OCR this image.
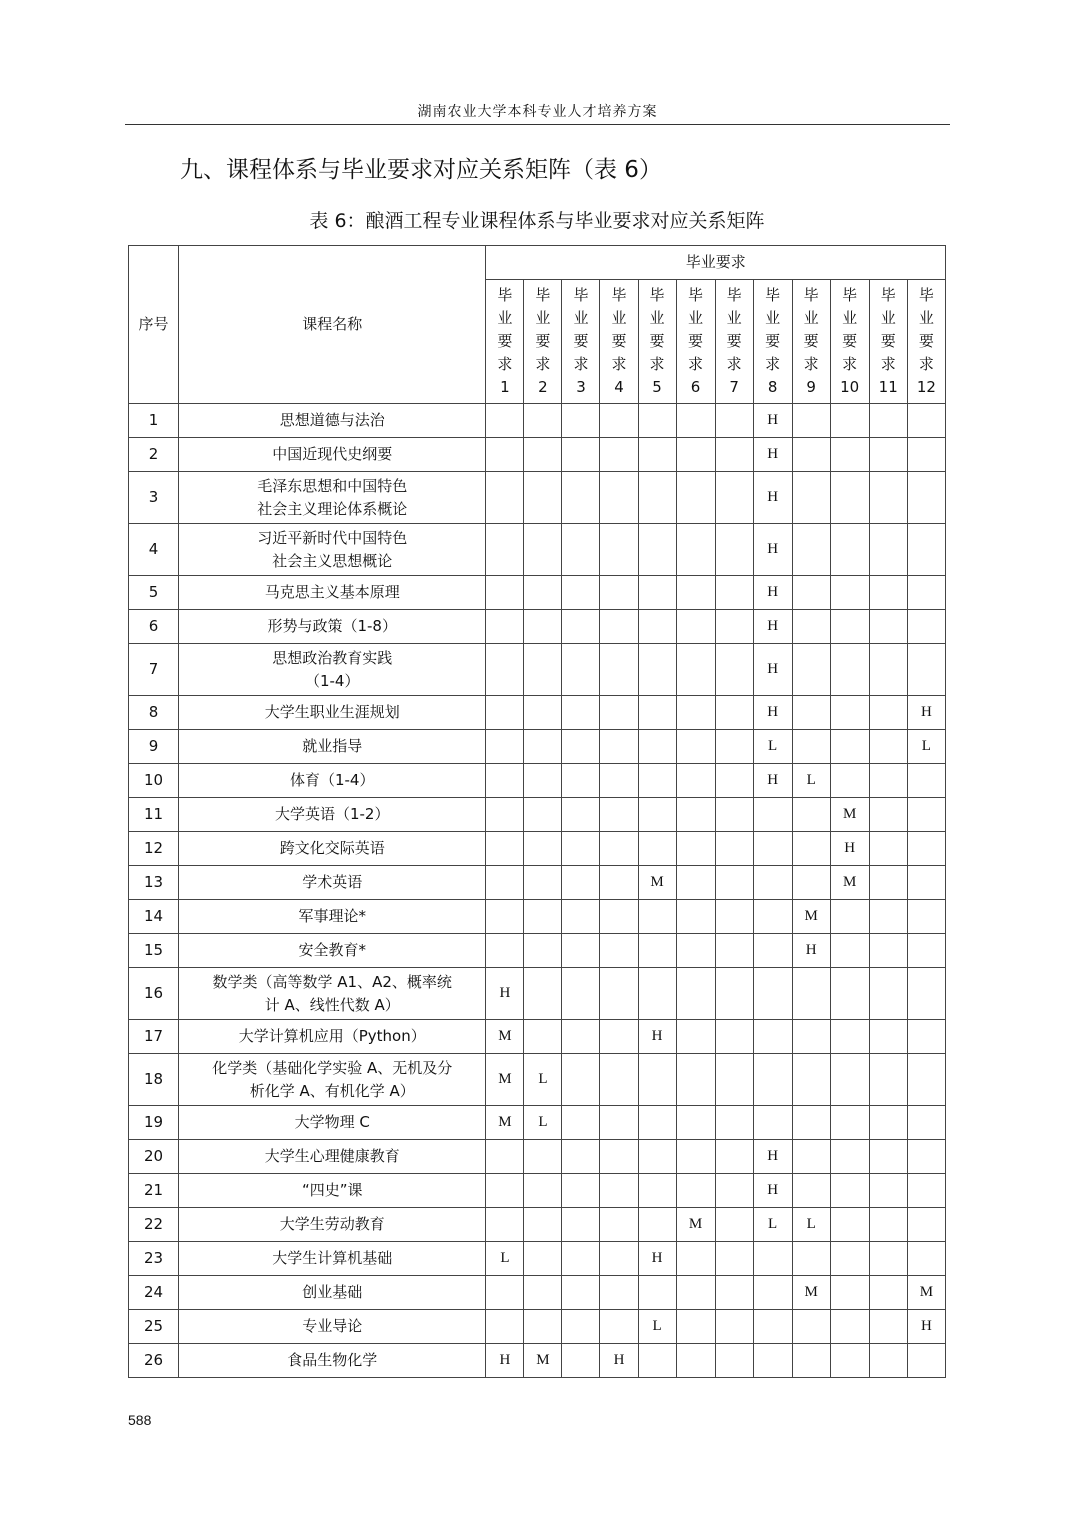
湖南农业大学本科专业人才培养方案
九、课程体系与毕业要求对应关系矩阵（表 6）
表 6：酿酒工程专业课程体系与毕业要求对应关系矩阵
序号	课程名称	毕业要求											

		毕
业
要
求
1	毕
业
要
求
2	毕
业
要
求
3	毕
业
要
求
4	毕
业
要
求
5	毕
业
要
求
6	毕
业
要
求
7	毕
业
要
求
8	毕
业
要
求
9	毕
业
要
求
10	毕
业
要
求
11	毕
业
要
求
12

1	思想道德与法治								H				
2	中国近现代史纲要								H				
3	毛泽东思想和中国特色
社会主义理论体系概论								H				
4	习近平新时代中国特色
社会主义思想概论								H				
5	马克思主义基本原理								H				
6	形势与政策（1-8）								H				
7	思想政治教育实践
（1-4）								H				
8	大学生职业生涯规划								H				H
9	就业指导								L				L
10	体育（1-4）								H	L			
11	大学英语（1-2）										M		
12	跨文化交际英语										H		
13	学术英语					M					M		
14	军事理论*									M			
15	安全教育*									H			
16	数学类（高等数学 A1、A2、概率统
计 A、线性代数 A）	H											
17	大学计算机应用（Python）	M				H							
18	化学类（基础化学实验 A、无机及分
析化学 A、有机化学 A）	M	L										
19	大学物理 C	M	L										
20	大学生心理健康教育								H				
21	“四史”课								H				
22	大学生劳动教育						M		L	L			
23	大学生计算机基础	L				H							
24	创业基础									M			M
25	专业导论					L							H
26	食品生物化学	H	M		H								
588
